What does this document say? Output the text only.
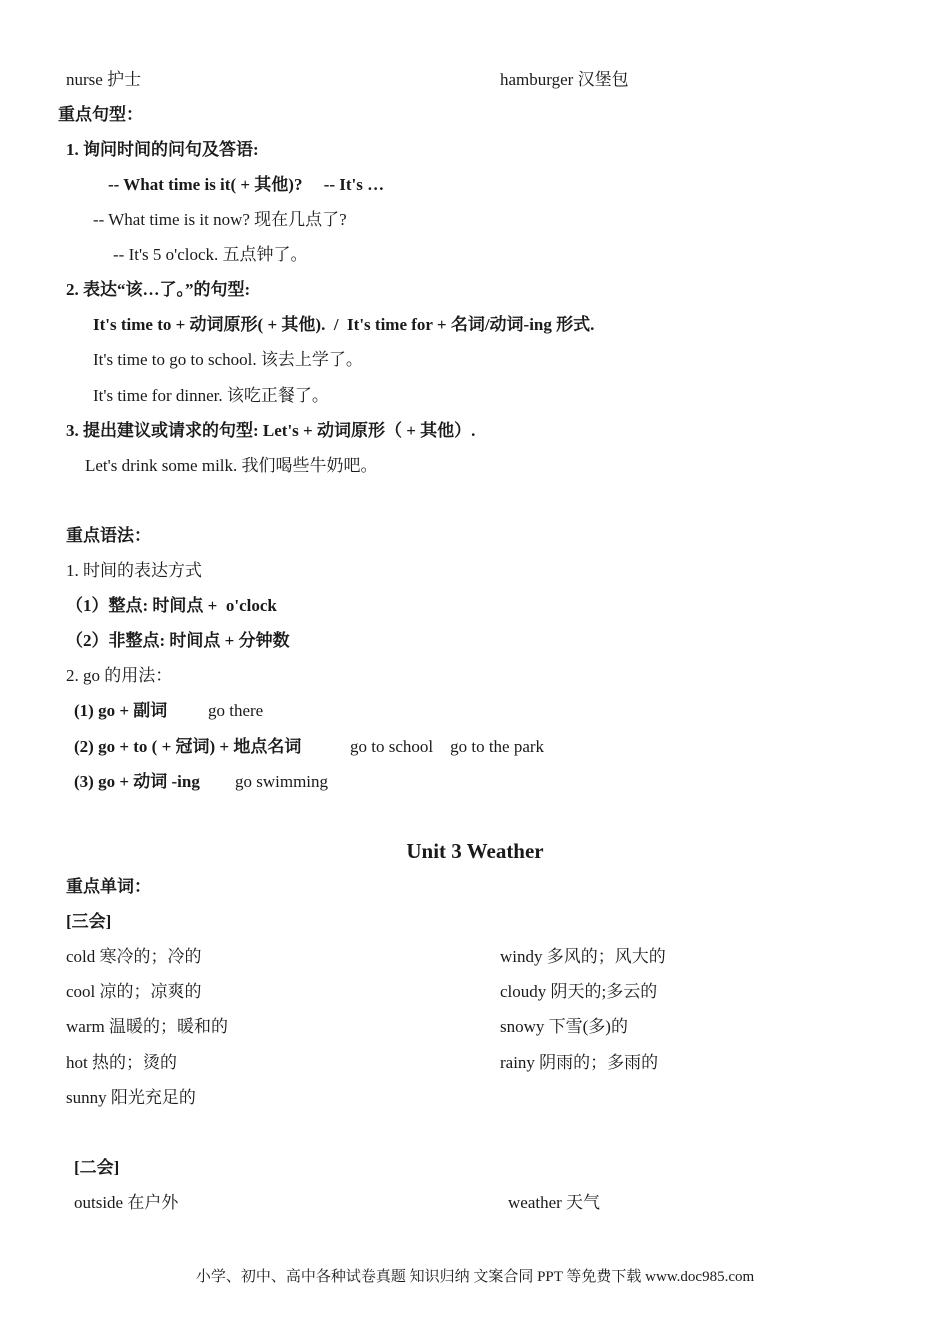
nurse 护士	hamburger 汉堡包
重点句型：
1. 询问时间的问句及答语:
-- What time is it( + 其他)?     -- It's …
-- What time is it now? 现在几点了?
-- It's 5 o'clock. 五点钟了。
2. 表达“该…了。”的句型:
It's time to + 动词原形( + 其他).  /  It's time for + 名词/动词-ing 形式.
It's time to go to school. 该去上学了。
It's time for dinner. 该吃正餐了。
3. 提出建议或请求的句型: Let's + 动词原形（ + 其他）.
Let's drink some milk. 我们喝些牛奶吧。
重点语法：
1. 时间的表达方式
（1）整点: 时间点 +  o'clock
（2）非整点: 时间点 + 分钟数
2. go 的用法：
(1) go + 副词 go there
(2) go + to ( + 冠词) + 地点名词	go to school    go to the park
(3) go + 动词 -ing go swimming
Unit 3 Weather
重点单词：
[三会]
cold 寒冷的；冷的	windy 多风的；风大的
cool 凉的；凉爽的	cloudy 阴天的;多云的
warm 温暖的；暖和的	snowy 下雪(多)的
hot 热的；烫的	rainy 阴雨的；多雨的
sunny 阳光充足的
[二会]
outside 在户外	weather 天气
小学、初中、高中各种试卷真题 知识归纳 文案合同 PPT 等免费下载 www.doc985.com
